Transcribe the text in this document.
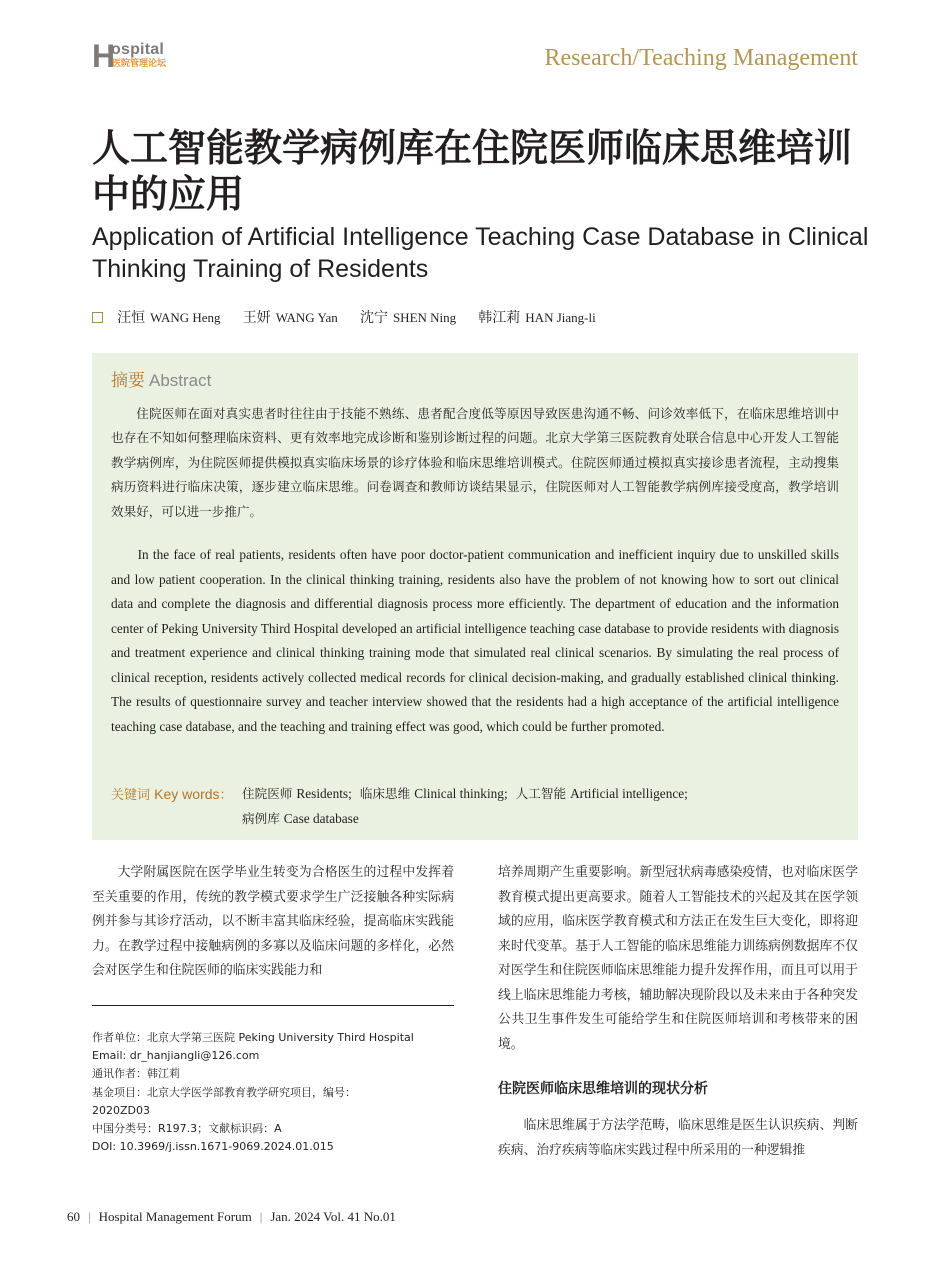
H
ospital
医院管理论坛	Research/Teaching Management
人工智能教学病例库在住院医师临床思维培训中的应用
Application of Artificial Intelligence Teaching Case Database in Clinical Thinking Training of Residents
汪恒 WANG Heng 王妍 WANG Yan 沈宁 SHEN Ning 韩江莉 HAN Jiang-li
摘要 Abstract

住院医师在面对真实患者时往往由于技能不熟练、患者配合度低等原因导致医患沟通不畅、问诊效率低下，在临床思维培训中也存在不知如何整理临床资料、更有效率地完成诊断和鉴别诊断过程的问题。北京大学第三医院教育处联合信息中心开发人工智能教学病例库，为住院医师提供模拟真实临床场景的诊疗体验和临床思维培训模式。住院医师通过模拟真实接诊患者流程，主动搜集病历资料进行临床决策，逐步建立临床思维。问卷调查和教师访谈结果显示，住院医师对人工智能教学病例库接受度高，教学培训效果好，可以进一步推广。

In the face of real patients, residents often have poor doctor-patient communication and inefficient inquiry due to unskilled skills and low patient cooperation. In the clinical thinking training, residents also have the problem of not knowing how to sort out clinical data and complete the diagnosis and differential diagnosis process more efficiently. The department of education and the information center of Peking University Third Hospital developed an artificial intelligence teaching case database to provide residents with diagnosis and treatment experience and clinical thinking training mode that simulated real clinical scenarios. By simulating the real process of clinical reception, residents actively collected medical records for clinical decision-making, and gradually established clinical thinking. The results of questionnaire survey and teacher interview showed that the residents had a high acceptance of the artificial intelligence teaching case database, and the teaching and training effect was good, which could be further promoted.

关键词 Key words： 住院医师 Residents; 临床思维 Clinical thinking; 人工智能 Artificial intelligence;
病例库 Case database

大学附属医院在医学毕业生转变为合格医生的过程中发挥着至关重要的作用，传统的教学模式要求学生广泛接触各种实际病例并参与其诊疗活动，以不断丰富其临床经验，提高临床实践能力。在教学过程中接触病例的多寡以及临床问题的多样化，必然会对医学生和住院医师的临床实践能力和

作者单位：北京大学第三医院 Peking University Third Hospital
Email: dr_hanjiangli@126.com
通讯作者：韩江莉
基金项目：北京大学医学部教育教学研究项目，编号：
2020ZD03
中国分类号：R197.3；文献标识码：A
DOI: 10.3969/j.issn.1671-9069.2024.01.015

培养周期产生重要影响。新型冠状病毒感染疫情，也对临床医学教育模式提出更高要求。随着人工智能技术的兴起及其在医学领域的应用，临床医学教育模式和方法正在发生巨大变化，即将迎来时代变革。基于人工智能的临床思维能力训练病例数据库不仅对医学生和住院医师临床思维能力提升发挥作用，而且可以用于线上临床思维能力考核，辅助解决现阶段以及未来由于各种突发公共卫生事件发生可能给学生和住院医师培训和考核带来的困境。

住院医师临床思维培训的现状分析

临床思维属于方法学范畴，临床思维是医生认识疾病、判断疾病、治疗疾病等临床实践过程中所采用的一种逻辑推

60 | Hospital Management Forum | Jan. 2024 Vol. 41 No.01
